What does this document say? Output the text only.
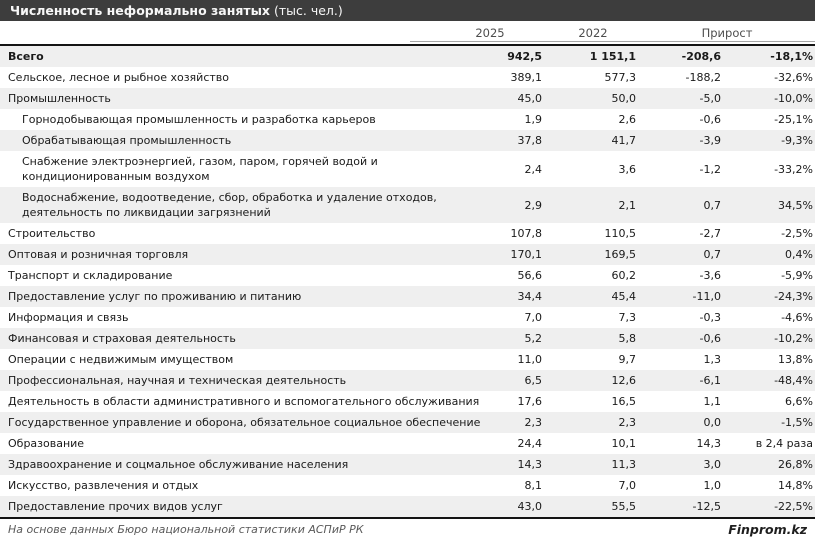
Численность неформально занятых (тыс. чел.)
	2025	2022	Прирост	
Всего	942,5	1 151,1	-208,6	-18,1%
Сельское, лесное и рыбное хозяйство	389,1	577,3	-188,2	-32,6%
Промышленность	45,0	50,0	-5,0	-10,0%
Горнодобывающая промышленность и разработка карьеров	1,9	2,6	-0,6	-25,1%
Обрабатывающая промышленность	37,8	41,7	-3,9	-9,3%
Снабжение электроэнергией, газом, паром, горячей водой и кондиционированным воздухом	2,4	3,6	-1,2	-33,2%
Водоснабжение, водоотведение, сбор, обработка и удаление отходов, деятельность по ликвидации загрязнений	2,9	2,1	0,7	34,5%
Строительство	107,8	110,5	-2,7	-2,5%
Оптовая и розничная торговля	170,1	169,5	0,7	0,4%
Транспорт и складирование	56,6	60,2	-3,6	-5,9%
Предоставление услуг по проживанию и питанию	34,4	45,4	-11,0	-24,3%
Информация и связь	7,0	7,3	-0,3	-4,6%
Финансовая и страховая деятельность	5,2	5,8	-0,6	-10,2%
Операции с недвижимым имуществом	11,0	9,7	1,3	13,8%
Профессиональная, научная и техническая деятельность	6,5	12,6	-6,1	-48,4%
Деятельность в области административного и вспомогательного обслуживания	17,6	16,5	1,1	6,6%
Государственное управление и оборона, обязательное социальное обеспечение	2,3	2,3	0,0	-1,5%
Образование	24,4	10,1	14,3	в 2,4 раза
Здравоохранение и соцмальное обслуживание населения	14,3	11,3	3,0	26,8%
Искусство, развлечения и отдых	8,1	7,0	1,0	14,8%
Предоставление прочих видов услуг	43,0	55,5	-12,5	-22,5%
На основе данных Бюро национальной статистики АСПиР РК	Finprom.kz
